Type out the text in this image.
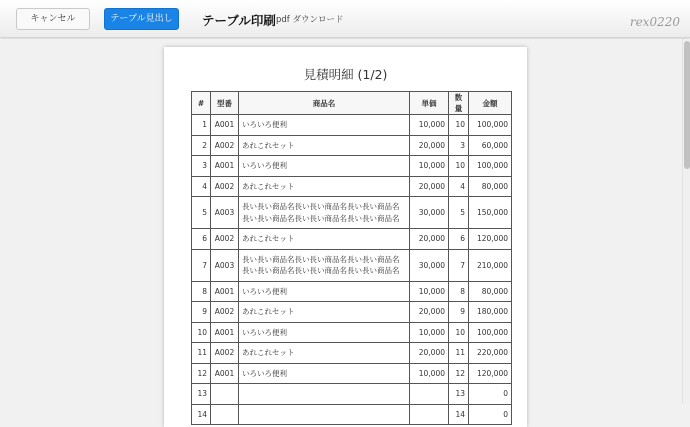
キャンセル	テーブル見出し	テーブル印刷 pdf ダウンロード	rex0220
見積明細 (1/2)
#	型番	商品名	単価	数量	金額
1	A001	いろいろ便利	10,000	10	100,000
2	A002	あれこれセット	20,000	3	60,000
3	A001	いろいろ便利	10,000	10	100,000
4	A002	あれこれセット	20,000	4	80,000
5	A003	長い長い商品名長い長い商品名長い長い商品名長い長い商品名長い長い商品名長い長い商品名	30,000	5	150,000
6	A002	あれこれセット	20,000	6	120,000
7	A003	長い長い商品名長い長い商品名長い長い商品名長い長い商品名長い長い商品名長い長い商品名	30,000	7	210,000
8	A001	いろいろ便利	10,000	8	80,000
9	A002	あれこれセット	20,000	9	180,000
10	A001	いろいろ便利	10,000	10	100,000
11	A002	あれこれセット	20,000	11	220,000
12	A001	いろいろ便利	10,000	12	120,000
13				13	0
14				14	0
